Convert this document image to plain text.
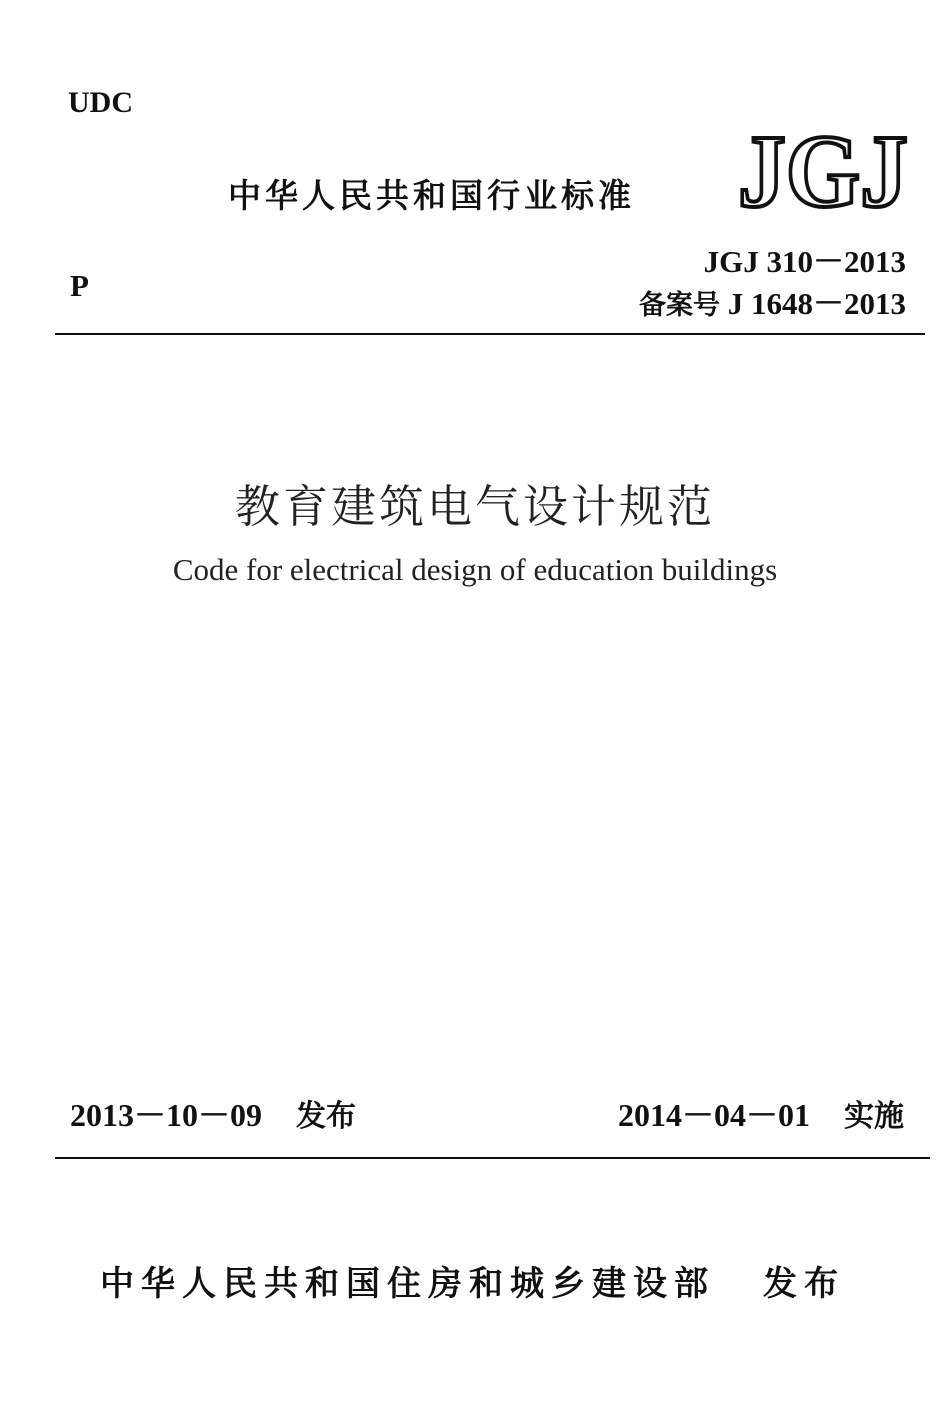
UDC
中华人民共和国行业标准 JGJ
JGJ 310－2013
P
备案号 J 1648－2013
教育建筑电气设计规范
Code for electrical design of education buildings
2013－10－09 发布	2014－04－01 实施
中华人民共和国住房和城乡建设部 发布
